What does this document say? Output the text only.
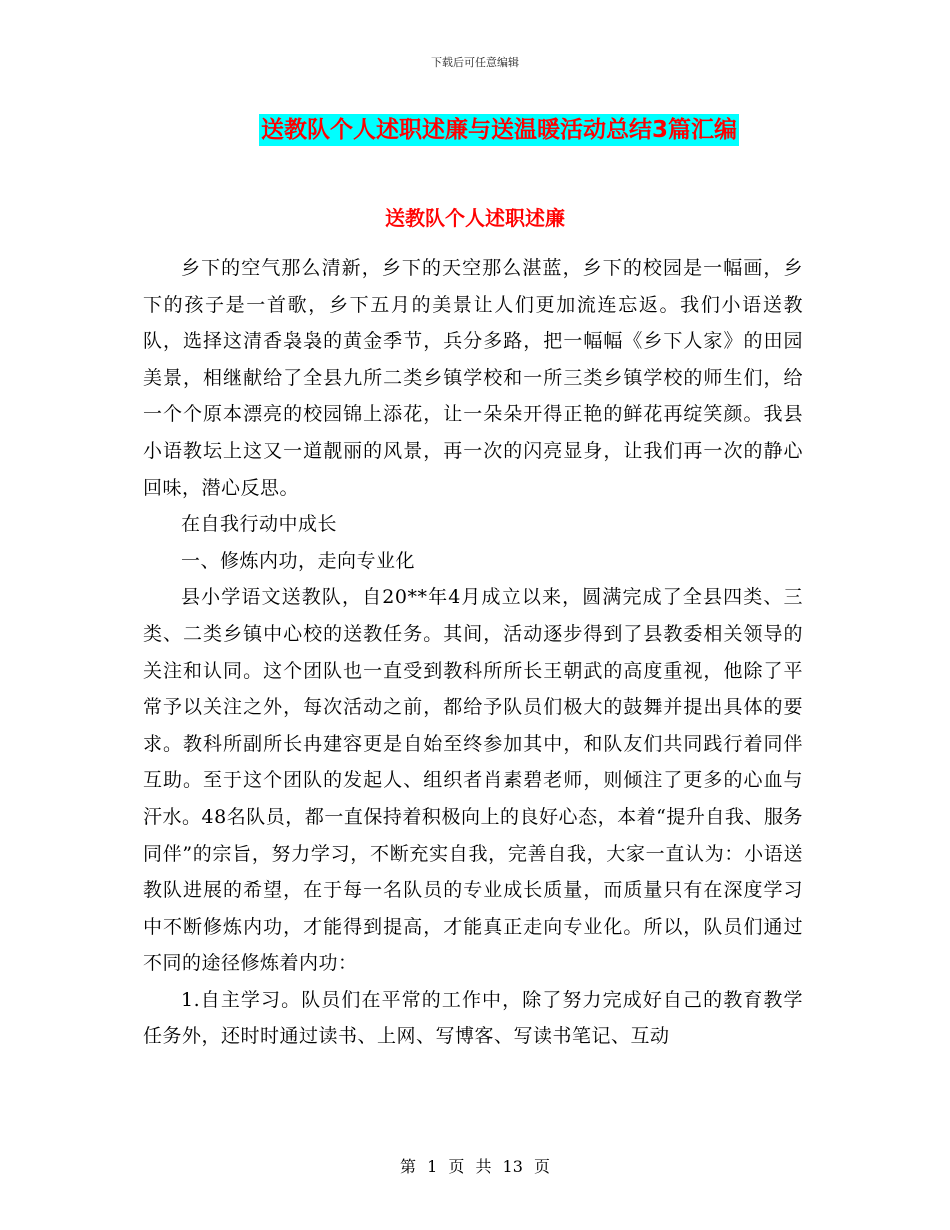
下载后可任意编辑
送教队个人述职述廉与送温暖活动总结3篇汇编
送教队个人述职述廉

乡下的空气那么清新，乡下的天空那么湛蓝，乡下的校园是一幅画，乡下的孩子是一首歌，乡下五月的美景让人们更加流连忘返。我们小语送教队，选择这清香袅袅的黄金季节，兵分多路，把一幅幅《乡下人家》的田园美景，相继献给了全县九所二类乡镇学校和一所三类乡镇学校的师生们，给一个个原本漂亮的校园锦上添花，让一朵朵开得正艳的鲜花再绽笑颜。我县小语教坛上这又一道靓丽的风景，再一次的闪亮显身，让我们再一次的静心回味，潜心反思。

在自我行动中成长

一、修炼内功，走向专业化

县小学语文送教队，自20**年4月成立以来，圆满完成了全县四类、三类、二类乡镇中心校的送教任务。其间，活动逐步得到了县教委相关领导的关注和认同。这个团队也一直受到教科所所长王朝武的高度重视，他除了平常予以关注之外，每次活动之前，都给予队员们极大的鼓舞并提出具体的要求。教科所副所长冉建容更是自始至终参加其中，和队友们共同践行着同伴互助。至于这个团队的发起人、组织者肖素碧老师，则倾注了更多的心血与汗水。48名队员，都一直保持着积极向上的良好心态，本着“提升自我、服务同伴”的宗旨，努力学习，不断充实自我，完善自我，大家一直认为：小语送教队进展的希望，在于每一名队员的专业成长质量，而质量只有在深度学习中不断修炼内功，才能得到提高，才能真正走向专业化。所以，队员们通过不同的途径修炼着内功：

1.自主学习。队员们在平常的工作中，除了努力完成好自己的教育教学任务外，还时时通过读书、上网、写博客、写读书笔记、互动

第 1 页 共 13 页
